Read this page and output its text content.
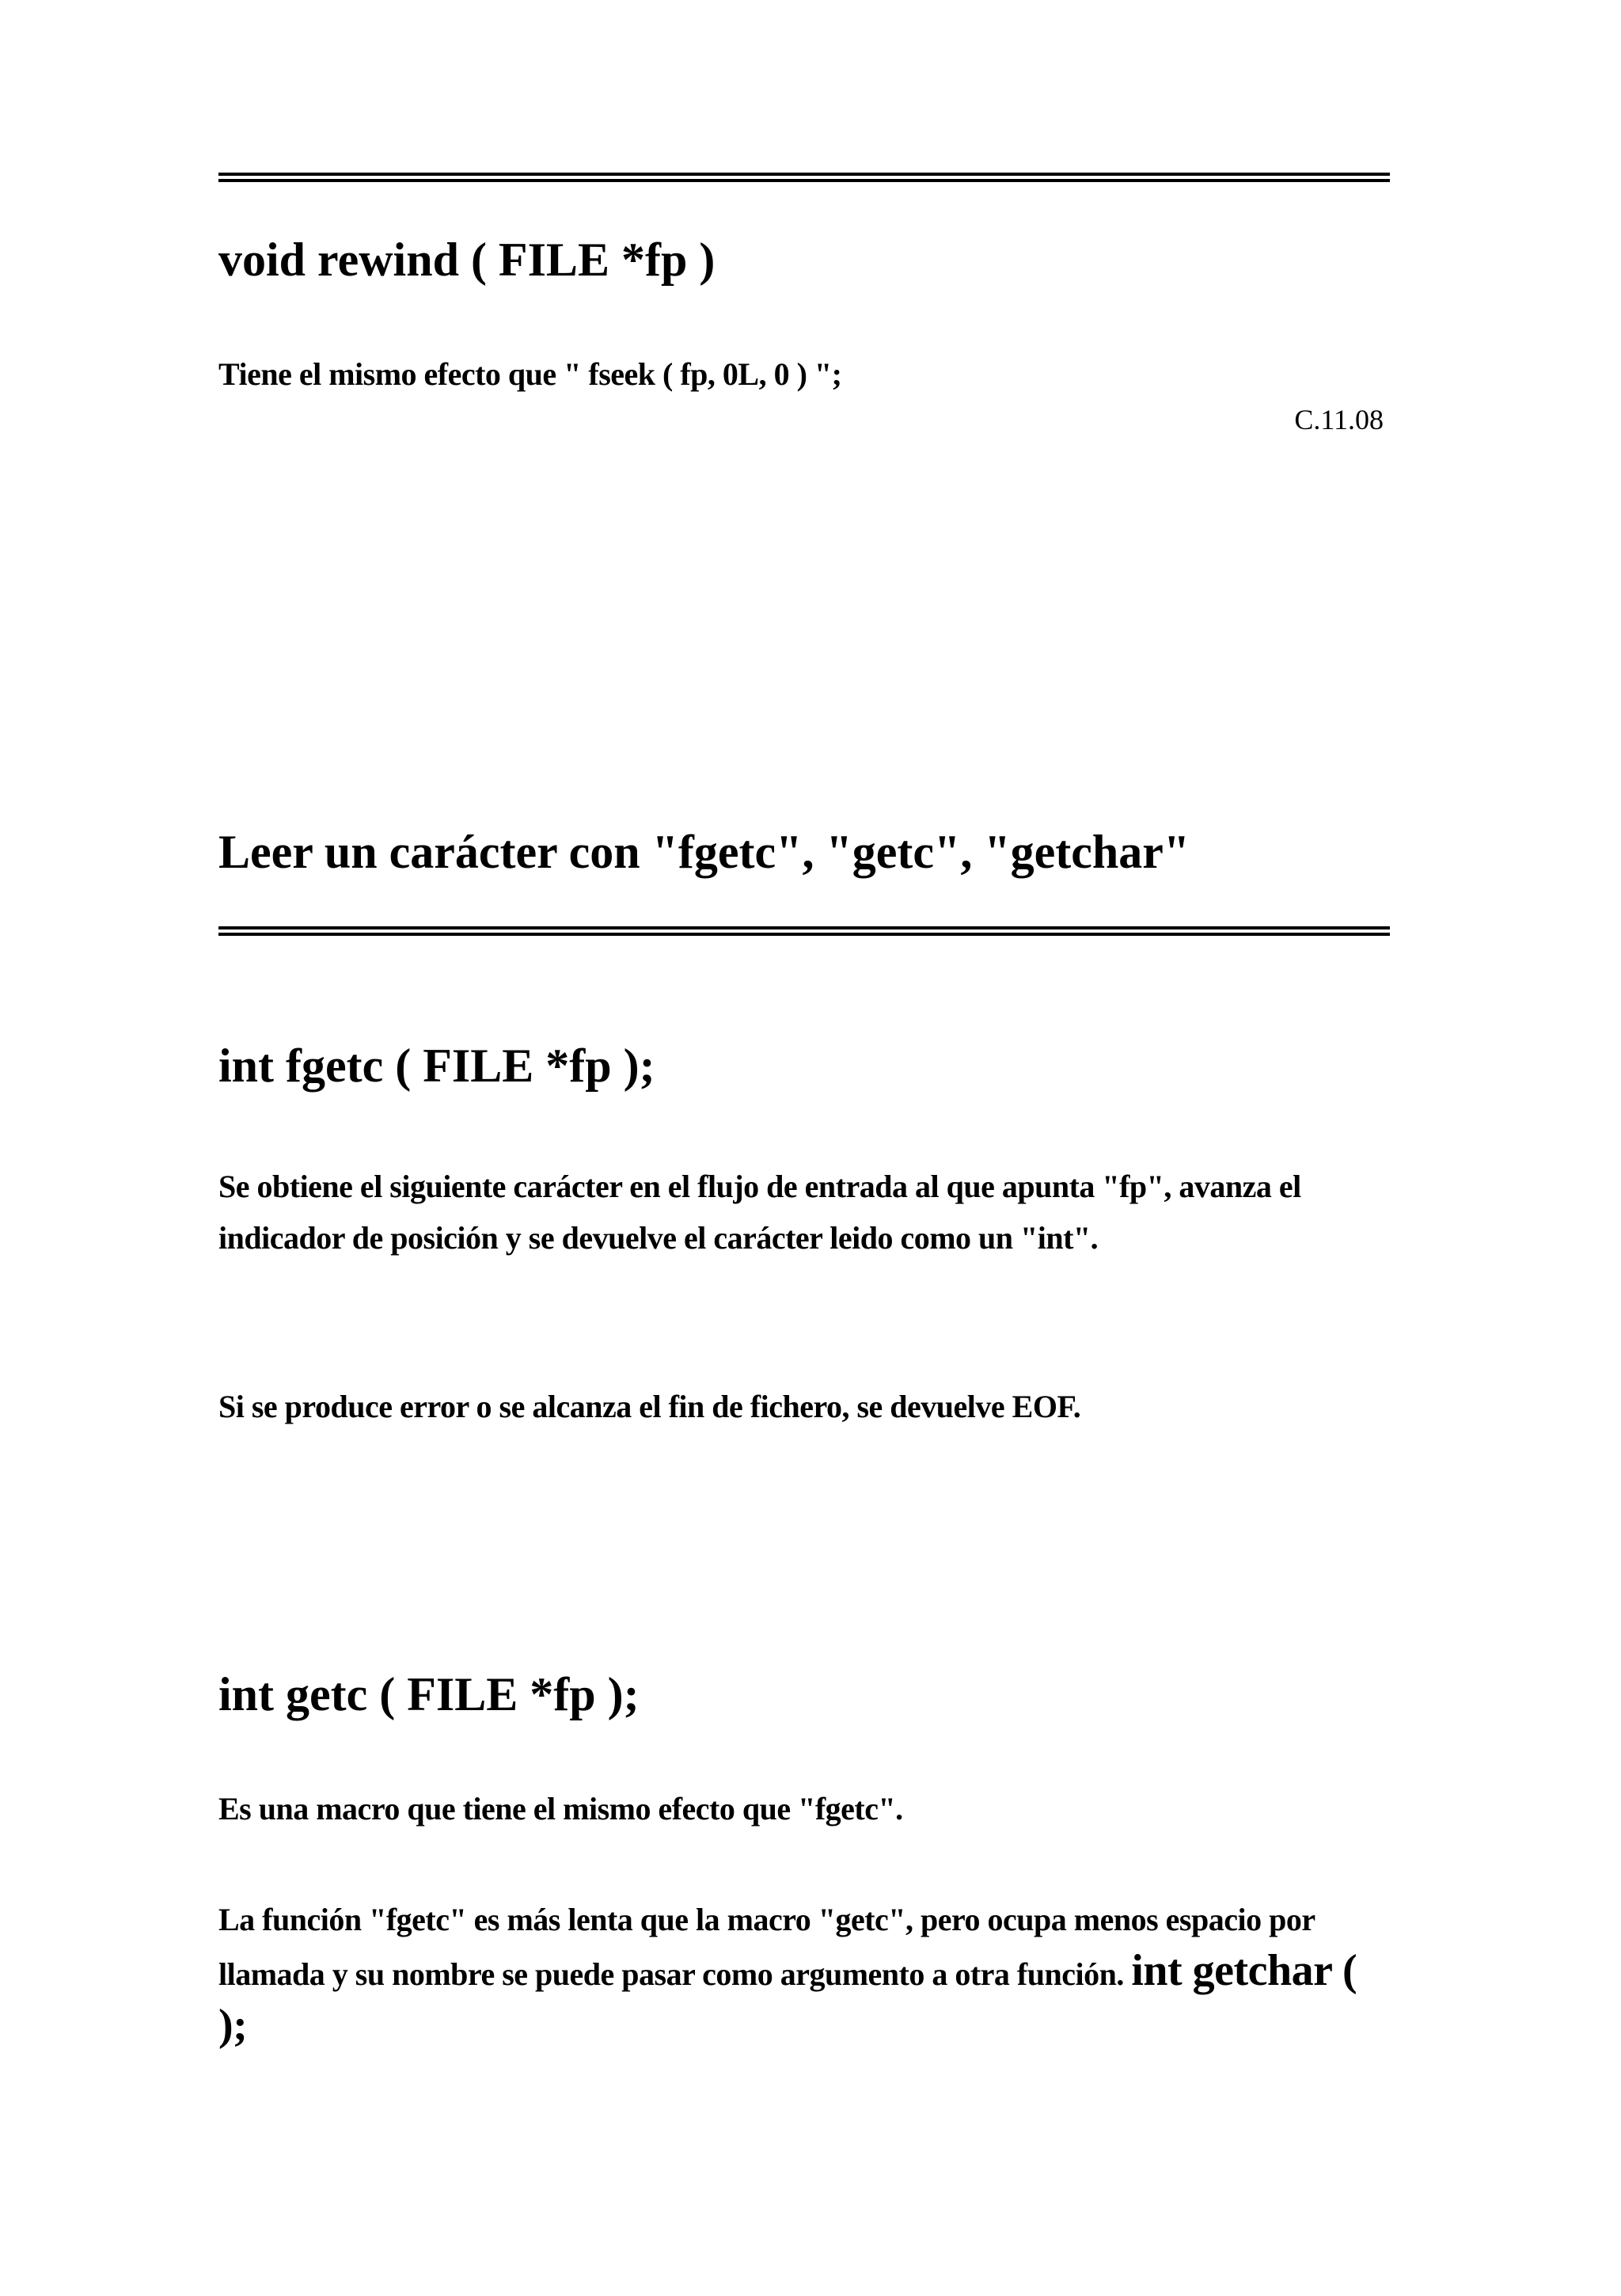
void rewind ( FILE *fp )

Tiene el mismo efecto que " fseek ( fp, 0L, 0 ) ";

C.11.08
Leer un carácter con "fgetc", "getc", "getchar"
int fgetc ( FILE *fp );

Se obtiene el siguiente carácter en el flujo de entrada al que apunta "fp", avanza el indicador de posición y se devuelve el carácter leido como un "int".

Si se produce error o se alcanza el fin de fichero, se devuelve EOF.

int getc ( FILE *fp );

Es una macro que tiene el mismo efecto que "fgetc".

La función "fgetc" es más lenta que la macro "getc", pero ocupa menos espacio por llamada y su nombre se puede pasar como argumento a otra función. int getchar ( );
